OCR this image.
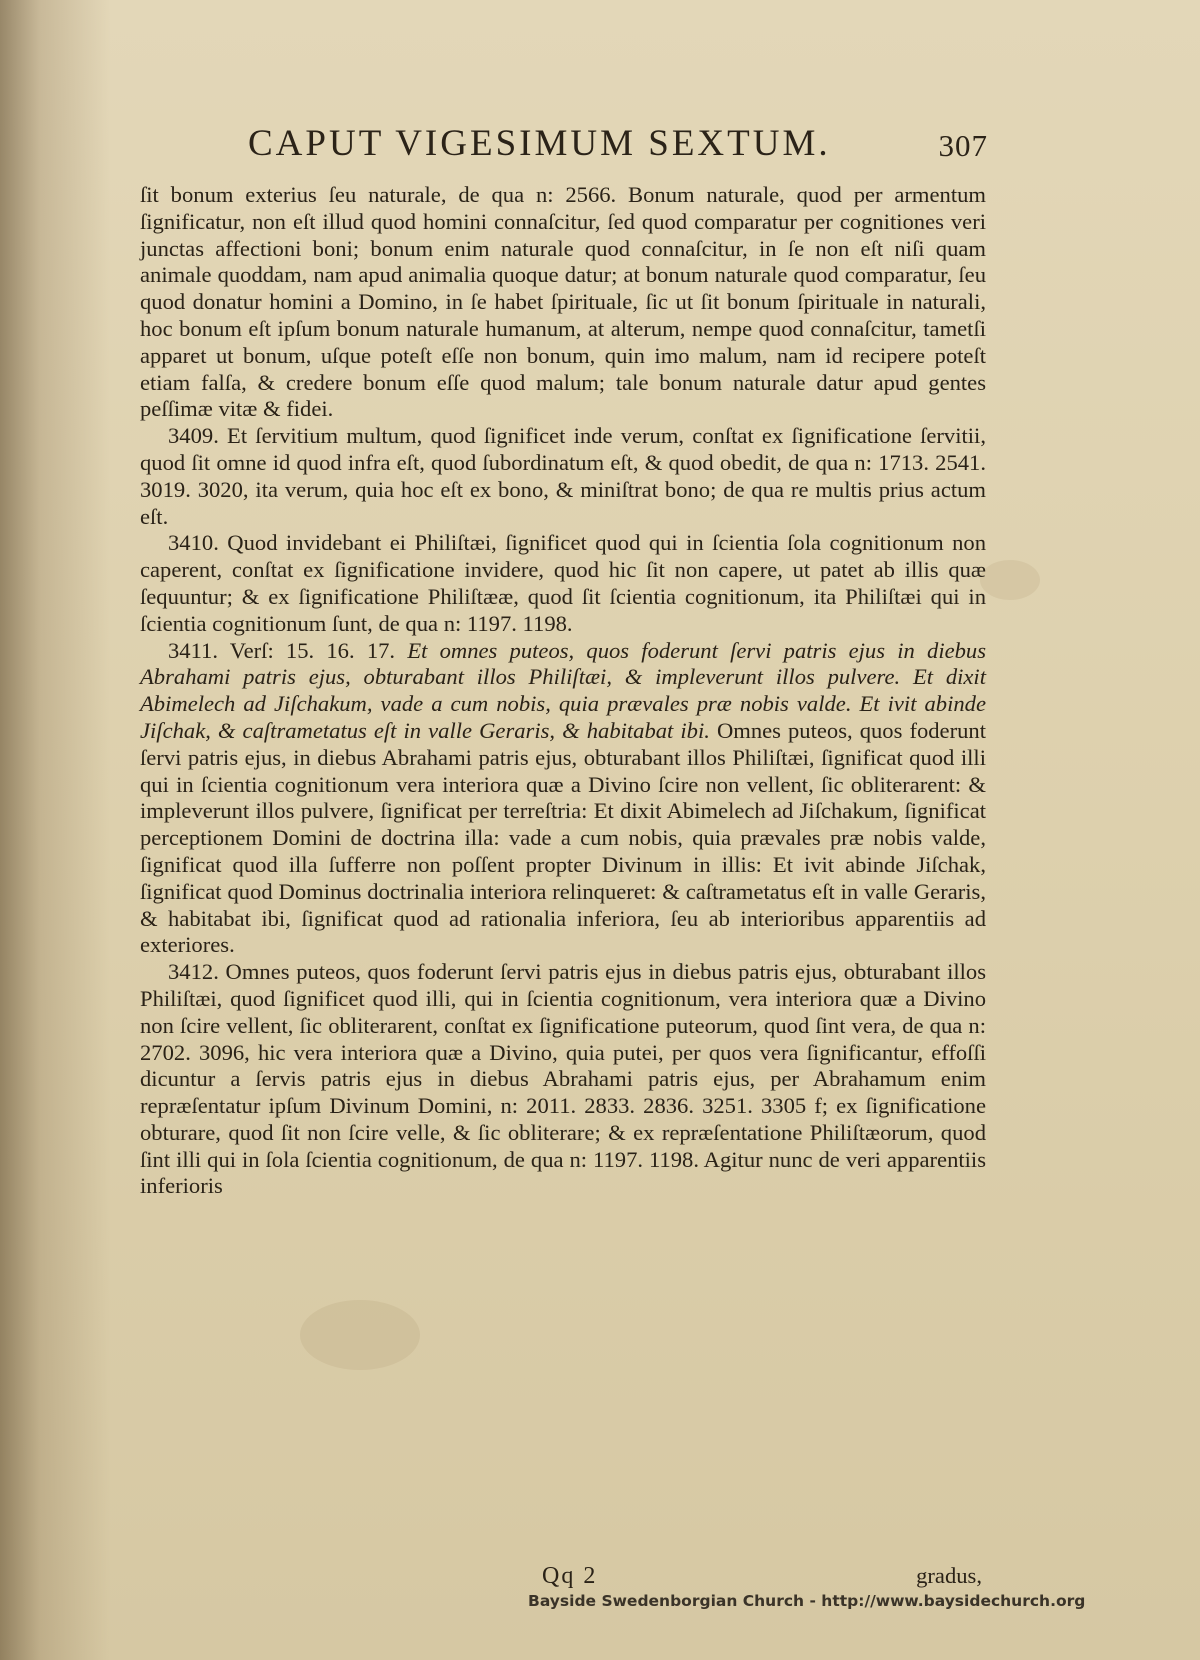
CAPUT VIGESIMUM SEXTUM.	307

ſit bonum exterius ſeu naturale, de qua n: 2566. Bonum naturale, quod per armentum ſignificatur, non eſt illud quod homini connaſcitur, ſed quod comparatur per cognitiones veri junctas affectioni boni; bonum enim naturale quod connaſcitur, in ſe non eſt niſi quam animale quoddam, nam apud animalia quoque datur; at bonum naturale quod comparatur, ſeu quod donatur homini a Domino, in ſe habet ſpirituale, ſic ut ſit bonum ſpirituale in naturali, hoc bonum eſt ipſum bonum naturale humanum, at alterum, nempe quod connaſcitur, tametſi apparet ut bonum, uſque poteſt eſſe non bonum, quin imo malum, nam id recipere poteſt etiam falſa, & credere bonum eſſe quod malum; tale bonum naturale datur apud gentes peſſimæ vitæ & fidei.

3409. Et ſervitium multum, quod ſignificet inde verum, conſtat ex ſignificatione ſervitii, quod ſit omne id quod infra eſt, quod ſubordinatum eſt, & quod obedit, de qua n: 1713. 2541. 3019. 3020, ita verum, quia hoc eſt ex bono, & miniſtrat bono; de qua re multis prius actum eſt.

3410. Quod invidebant ei Philiſtæi, ſignificet quod qui in ſcientia ſola cognitionum non caperent, conſtat ex ſignificatione invidere, quod hic ſit non capere, ut patet ab illis quæ ſequuntur; & ex ſignificatione Philiſtææ, quod ſit ſcientia cognitionum, ita Philiſtæi qui in ſcientia cognitionum ſunt, de qua n: 1197. 1198.

3411. Verſ: 15. 16. 17. Et omnes puteos, quos foderunt ſervi patris ejus in diebus Abrahami patris ejus, obturabant illos Philiſtæi, & impleverunt illos pulvere. Et dixit Abimelech ad Jiſchakum, vade a cum nobis, quia prævales præ nobis valde. Et ivit abinde Jiſchak, & caſtrametatus eſt in valle Geraris, & habitabat ibi. Omnes puteos, quos foderunt ſervi patris ejus, in diebus Abrahami patris ejus, obturabant illos Philiſtæi, ſignificat quod illi qui in ſcientia cognitionum vera interiora quæ a Divino ſcire non vellent, ſic obliterarent: & impleverunt illos pulvere, ſignificat per terreſtria: Et dixit Abimelech ad Jiſchakum, ſignificat perceptionem Domini de doctrina illa: vade a cum nobis, quia prævales præ nobis valde, ſignificat quod illa ſufferre non poſſent propter Divinum in illis: Et ivit abinde Jiſchak, ſignificat quod Dominus doctrinalia interiora relinqueret: & caſtrametatus eſt in valle Geraris, & habitabat ibi, ſignificat quod ad rationalia inferiora, ſeu ab interioribus apparentiis ad exteriores.

3412. Omnes puteos, quos foderunt ſervi patris ejus in diebus patris ejus, obturabant illos Philiſtæi, quod ſignificet quod illi, qui in ſcientia cognitionum, vera interiora quæ a Divino non ſcire vellent, ſic obliterarent, conſtat ex ſignificatione puteorum, quod ſint vera, de qua n: 2702. 3096, hic vera interiora quæ a Divino, quia putei, per quos vera ſignificantur, effoſſi dicuntur a ſervis patris ejus in diebus Abrahami patris ejus, per Abrahamum enim repræſentatur ipſum Divinum Domini, n: 2011. 2833. 2836. 3251. 3305 f; ex ſignificatione obturare, quod ſit non ſcire velle, & ſic obliterare; & ex repræſentatione Philiſtæorum, quod ſint illi qui in ſola ſcientia cognitionum, de qua n: 1197. 1198. Agitur nunc de veri apparentiis inferioris

Qq 2	gradus,
Bayside Swedenborgian Church - http://www.baysidechurch.org
